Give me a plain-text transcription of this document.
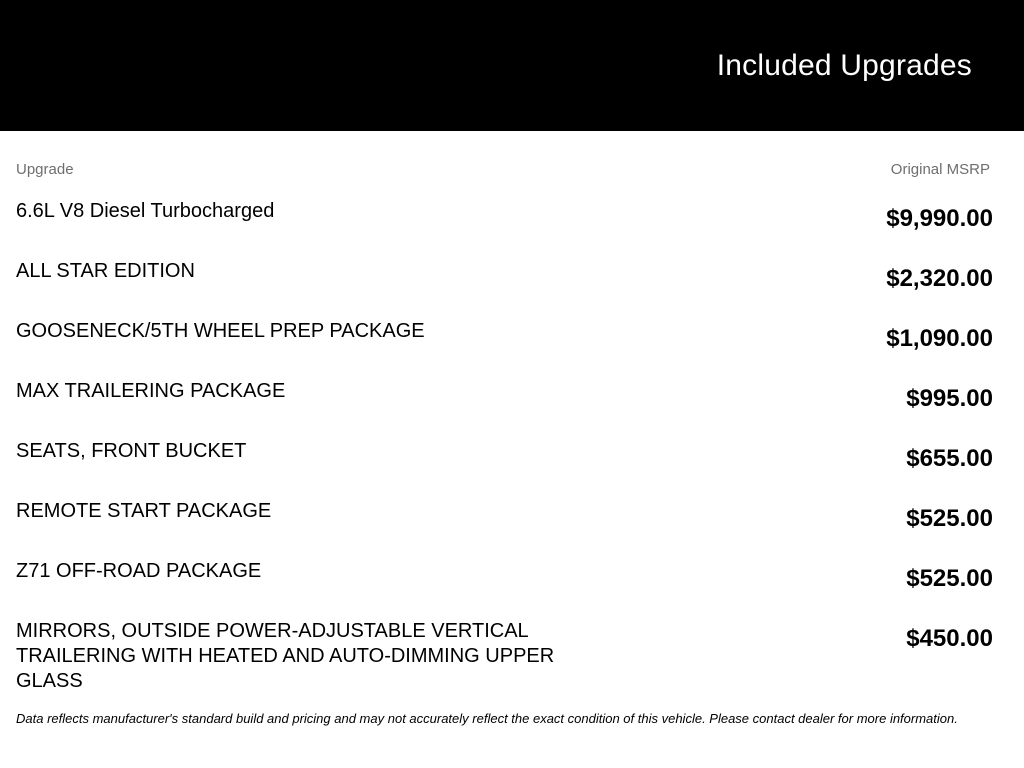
Included Upgrades
Upgrade	Original MSRP
6.6L V8 Diesel Turbocharged
ALL STAR EDITION
GOOSENECK/5TH WHEEL PREP PACKAGE
MAX TRAILERING PACKAGE
SEATS, FRONT BUCKET
REMOTE START PACKAGE
Z71 OFF-ROAD PACKAGE
MIRRORS, OUTSIDE POWER-ADJUSTABLE VERTICAL TRAILERING WITH HEATED AND AUTO-DIMMING UPPER GLASS
$9,990.00
$2,320.00
$1,090.00
$995.00
$655.00
$525.00
$525.00
$450.00

Data reflects manufacturer's standard build and pricing and may not accurately reflect the exact condition of this vehicle. Please contact dealer for more information.
